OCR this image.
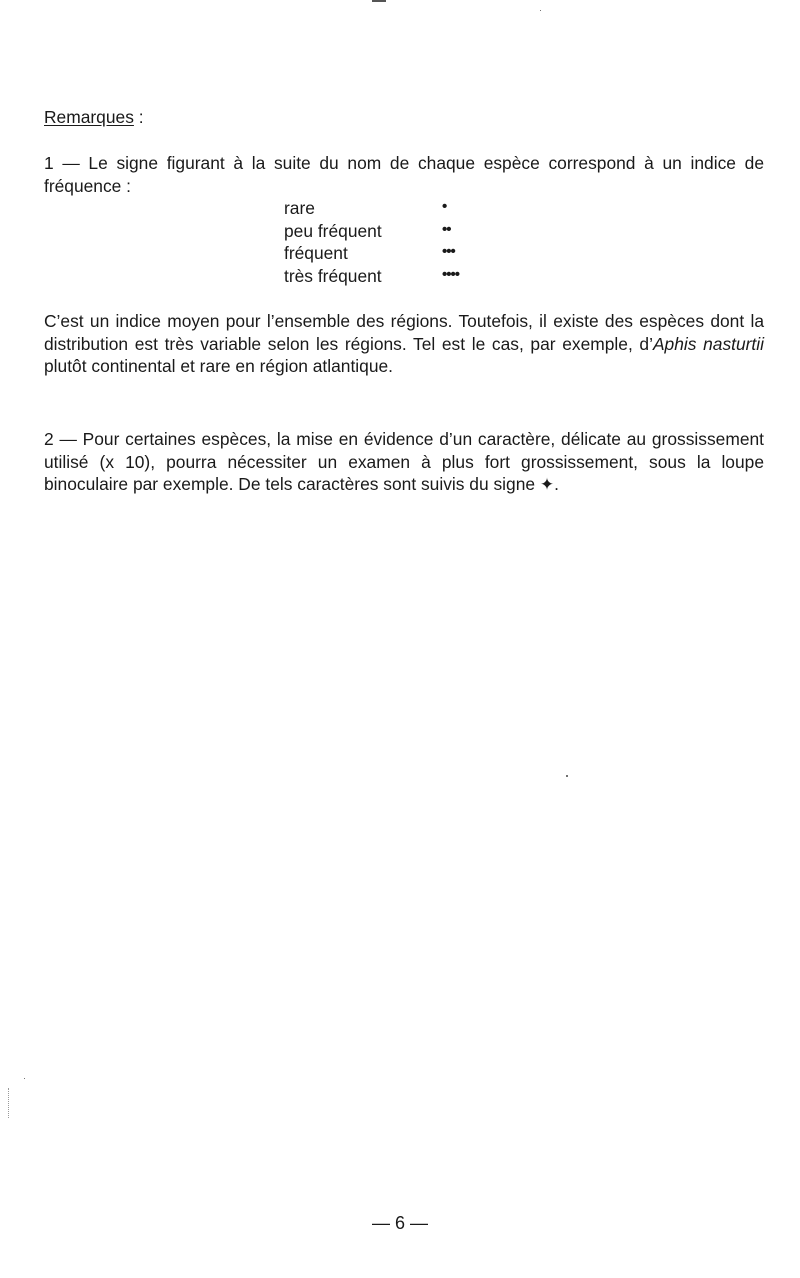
Remarques :
1 — Le signe figurant à la suite du nom de chaque espèce correspond à un indice de fréquence :
rare	•
peu fréquent	••
fréquent	•••
très fréquent	••••
C’est un indice moyen pour l’ensemble des régions. Toutefois, il existe des espèces dont la distribution est très variable selon les régions. Tel est le cas, par exemple, d’Aphis nasturtii plutôt continental et rare en région atlantique.
2 — Pour certaines espèces, la mise en évidence d’un caractère, délicate au grossissement utilisé (x 10), pourra nécessiter un examen à plus fort grossissement, sous la loupe binoculaire par exemple. De tels caractères sont suivis du signe ✦.
— 6 —
